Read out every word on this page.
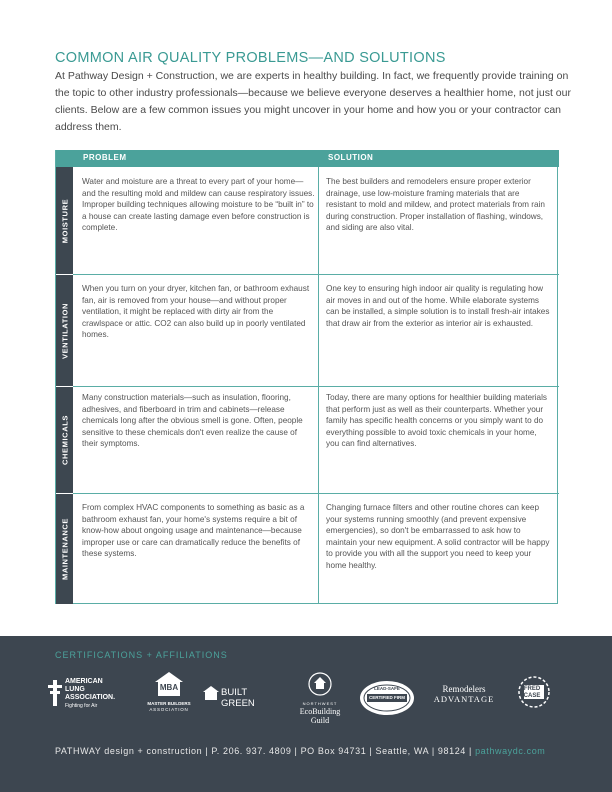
COMMON AIR QUALITY PROBLEMS—AND SOLUTIONS

At Pathway Design + Construction, we are experts in healthy building. In fact, we frequently provide training on the topic to other industry professionals—because we believe everyone deserves a healthier home, not just our clients. Below are a few common issues you might uncover in your home and how you or your contractor can address them.

PROBLEM	SOLUTION
MOISTURE
Water and moisture are a threat to every part of your home—and the resulting mold and mildew can cause respiratory issues. Improper building techniques allowing moisture to be “built in” to a house can create lasting damage even before construction is complete.
The best builders and remodelers ensure proper exterior drainage, use low-moisture framing materials that are resistant to mold and mildew, and protect materials from rain during construction. Proper installation of flashing, windows, and siding are also vital.
VENTILATION
When you turn on your dryer, kitchen fan, or bathroom exhaust fan, air is removed from your house—and without proper ventilation, it might be replaced with dirty air from the crawlspace or attic. CO2 can also build up in poorly ventilated homes.
One key to ensuring high indoor air quality is regulating how air moves in and out of the home. While elaborate systems can be installed, a simple solution is to install fresh-air intakes that draw air from the exterior as interior air is exhausted.
CHEMICALS
Many construction materials—such as insulation, flooring, adhesives, and fiberboard in trim and cabinets—release chemicals long after the obvious smell is gone. Often, people sensitive to these chemicals don't even realize the cause of their symptoms.
Today, there are many options for healthier building materials that perform just as well as their counterparts. Whether your family has specific health concerns or you simply want to do everything possible to avoid toxic chemicals in your home, you can find alternatives.
MAINTENANCE
From complex HVAC components to something as basic as a bathroom exhaust fan, your home's systems require a bit of know-how about ongoing usage and maintenance—because improper use or care can dramatically reduce the benefits of these systems.
Changing furnace filters and other routine chores can keep your systems running smoothly (and prevent expensive emergencies), so don't be embarrassed to ask how to maintain your new equipment. A solid contractor will be happy to provide you with all the support you need to keep your home healthy.
CERTIFICATIONS + AFFILIATIONS
AMERICAN
LUNG
ASSOCIATION.
Fighting for Air
MBA
MASTER BUILDERS
ASSOCIATION
BUILT GREEN	NORTHWEST
EcoBuilding
Guild
LEAD-SAFE
CERTIFIED FIRM
Remodelers
ADVANTAGE
FRED
CASE
PATHWAY design + construction | P. 206. 937. 4809 | PO Box 94731 | Seattle, WA | 98124 | pathwaydc.com
